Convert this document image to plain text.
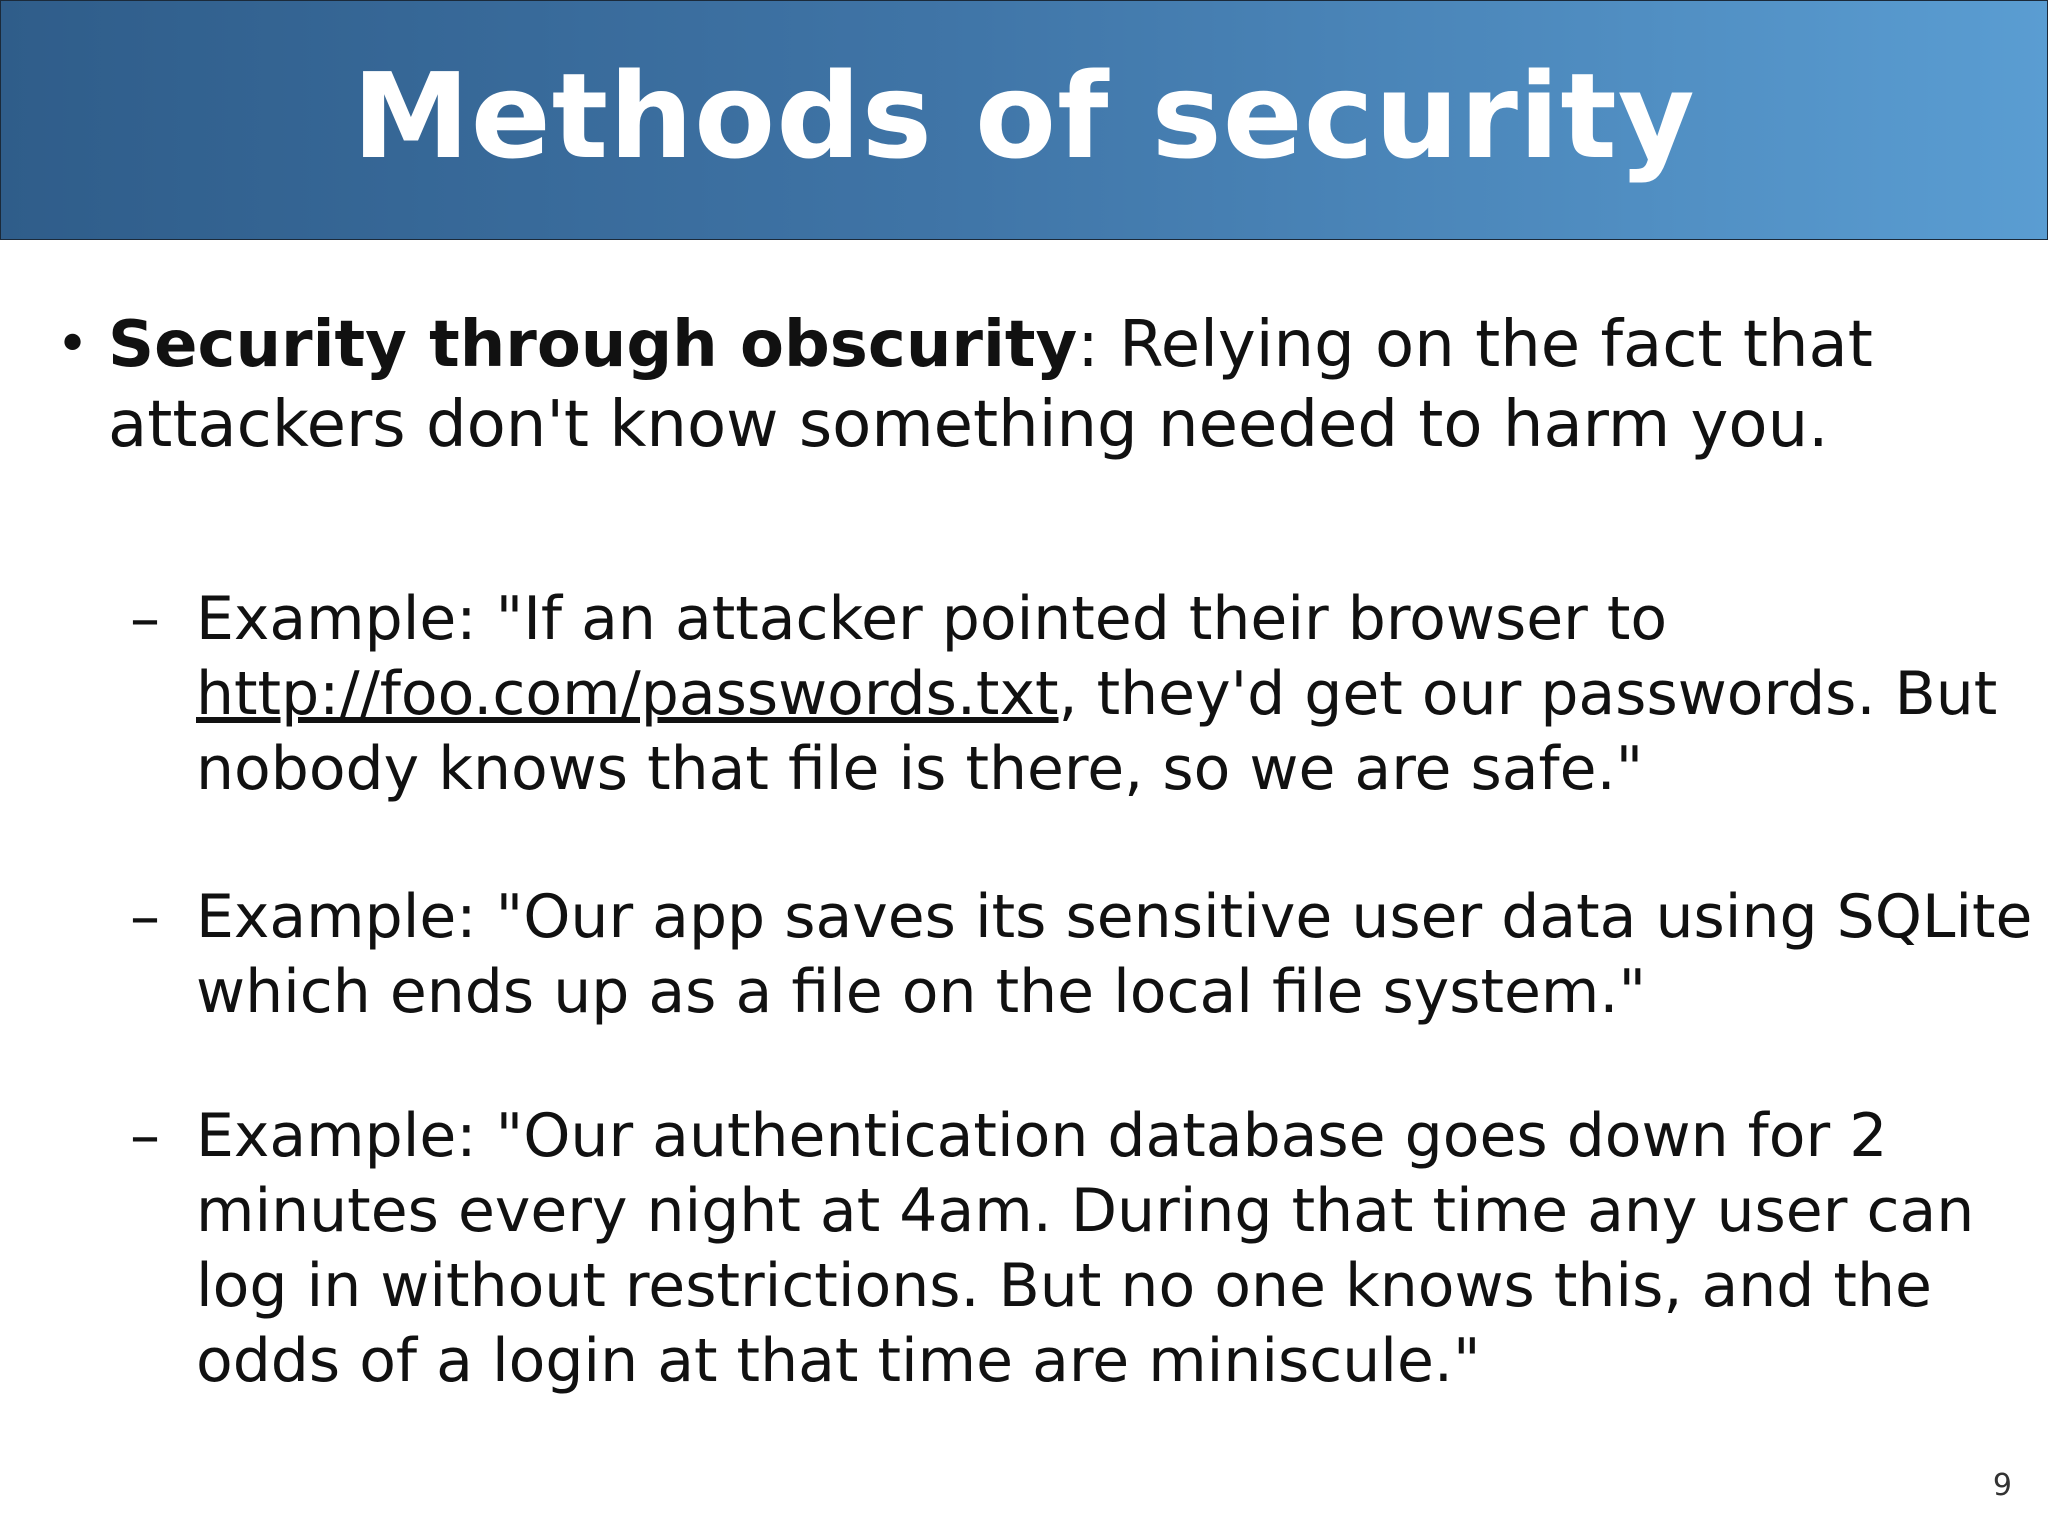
Methods of security
• Security through obscurity: Relying on the fact that
attackers don't know something needed to harm you.
– Example: "If an attacker pointed their browser to
http://foo.com/passwords.txt, they'd get our passwords. But
nobody knows that file is there, so we are safe."
– Example: "Our app saves its sensitive user data using SQLite
which ends up as a file on the local file system."
– Example: "Our authentication database goes down for 2
minutes every night at 4am. During that time any user can
log in without restrictions. But no one knows this, and the
odds of a login at that time are miniscule."
9
